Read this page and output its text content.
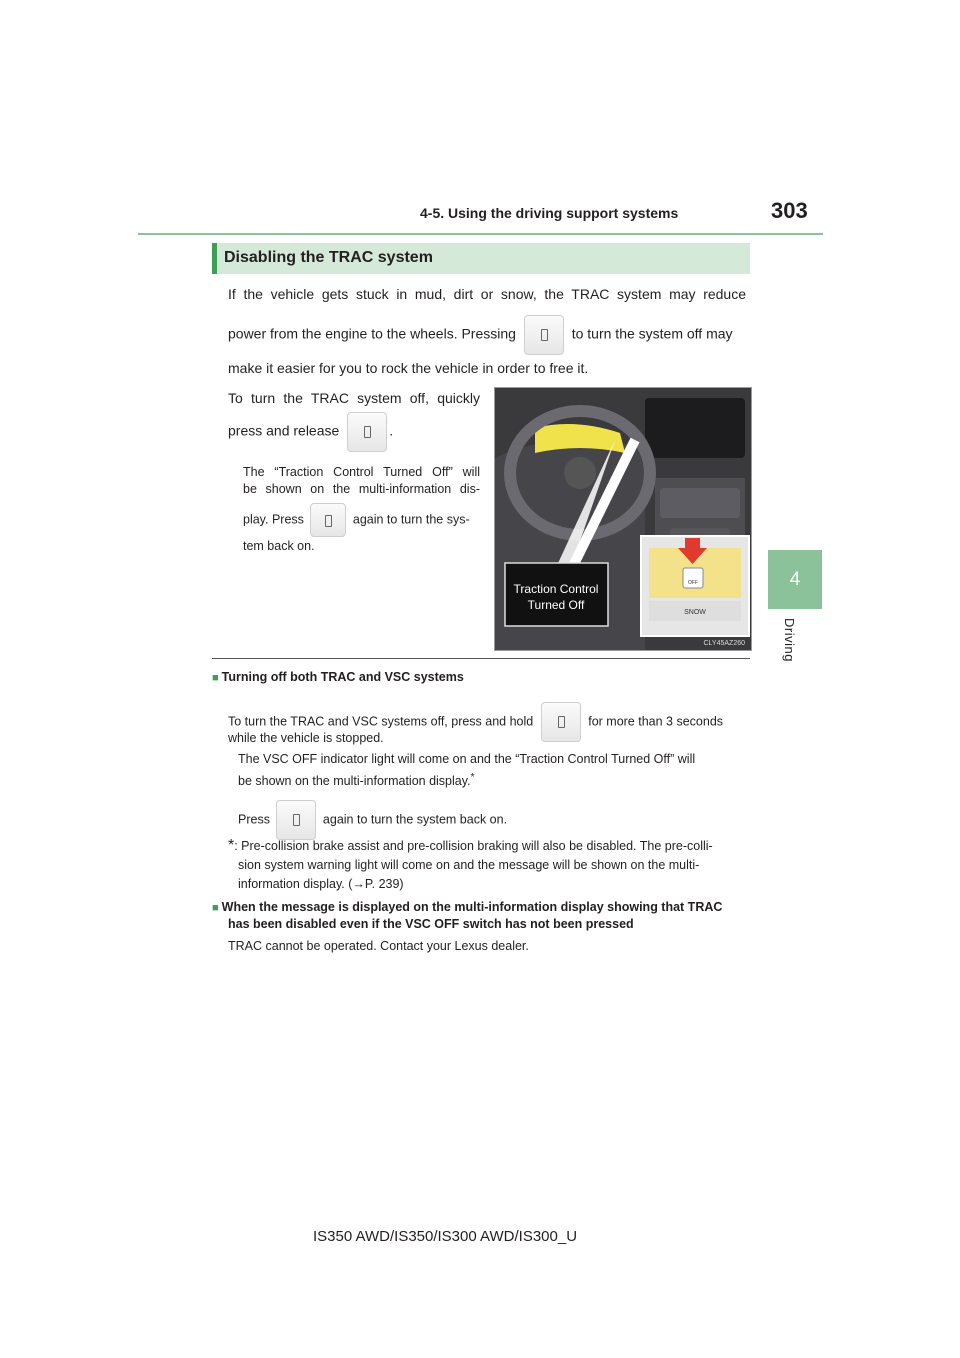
4-5. Using the driving support systems	303
4
Driving
Disabling the TRAC system
If the vehicle gets stuck in mud, dirt or snow, the TRAC system may reduce
power from the engine to the wheels. Pressing	to turn the system off may
make it easier for you to rock the vehicle in order to free it.
To turn the TRAC system off, quickly
press and release	.
The “Traction Control Turned Off” will
be shown on the multi-information dis-
play. Press	again to turn the sys-
tem back on.
Traction Control
Turned Off
OFF
SNOW
CLY45AZ260
■ Turning off both TRAC and VSC systems
To turn the TRAC and VSC systems off, press and hold	for more than 3 seconds
while the vehicle is stopped.
The VSC OFF indicator light will come on and the “Traction Control Turned Off” will
be shown on the multi-information display.*
Press	again to turn the system back on.
*: Pre-collision brake assist and pre-collision braking will also be disabled. The pre-colli-
sion system warning light will come on and the message will be shown on the multi-
information display. (→P. 239)
■ When the message is displayed on the multi-information display showing that TRAC
has been disabled even if the VSC OFF switch has not been pressed
TRAC cannot be operated. Contact your Lexus dealer.
IS350 AWD/IS350/IS300 AWD/IS300_U
